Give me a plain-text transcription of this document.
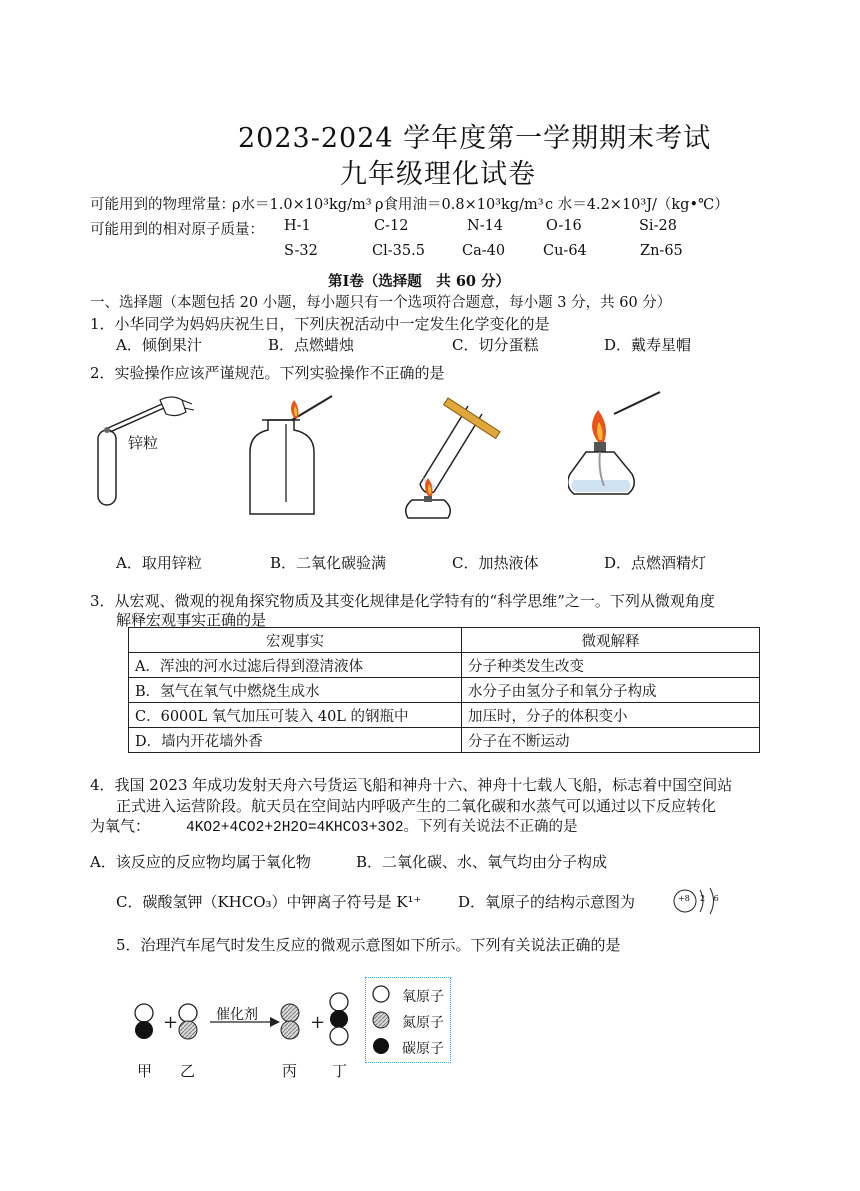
2023-2024 学年度第一学期期末考试
九年级理化试卷
可能用到的物理常量：
ρ水＝1.0×10³kg/m³ ρ食用油＝0.8×10³kg/m³ c 水＝4.2×10³J/（kg•℃）
可能用到的相对原子质量： H-1	C-12	N-14	O-16	Si-28
S-32	Cl-35.5	Ca-40	Cu-64	Zn-65
第Ⅰ卷（选择题　共 60 分）
一、选择题（本题包括 20 小题，每小题只有一个选项符合题意，每小题 3 分，共 60 分）
1．小华同学为妈妈庆祝生日，下列庆祝活动中一定发生化学变化的是
A．倾倒果汁	B．点燃蜡烛	C．切分蛋糕	D．戴寿星帽
2．实验操作应该严谨规范。下列实验操作不正确的是
锌粒
A．取用锌粒	B．二氧化碳验满	C．加热液体	D．点燃酒精灯
3．从宏观、微观的视角探究物质及其变化规律是化学特有的“科学思维”之一。下列从微观角度
解释宏观事实正确的是
宏观事实	微观解释
A．浑浊的河水过滤后得到澄清液体	分子种类发生改变
B．氢气在氧气中燃烧生成水	水分子由氢分子和氧分子构成
C．6000L 氧气加压可装入 40L 的钢瓶中	加压时，分子的体积变小
D．墙内开花墙外香	分子在不断运动
4．我国 2023 年成功发射天舟六号货运飞船和神舟十六、神舟十七载人飞船，标志着中国空间站
正式进入运营阶段。航天员在空间站内呼吸产生的二氧化碳和水蒸气可以通过以下反应转化
为氧气： 4KO2+4CO2+2H2O=4KHCO3+3O2。下列有关说法不正确的是
A．该反应的反应物均属于氧化物	B．二氧化碳、水、氧气均由分子构成
C．碳酸氢钾（KHCO₃）中钾离子符号是 K¹⁺ D．氧原子的结构示意图为	+8 2 6
5．治理汽车尾气时发生反应的微观示意图如下所示。下列有关说法正确的是
+	+
催化剂
甲 乙	丙 丁
氧原子
氮原子
碳原子
